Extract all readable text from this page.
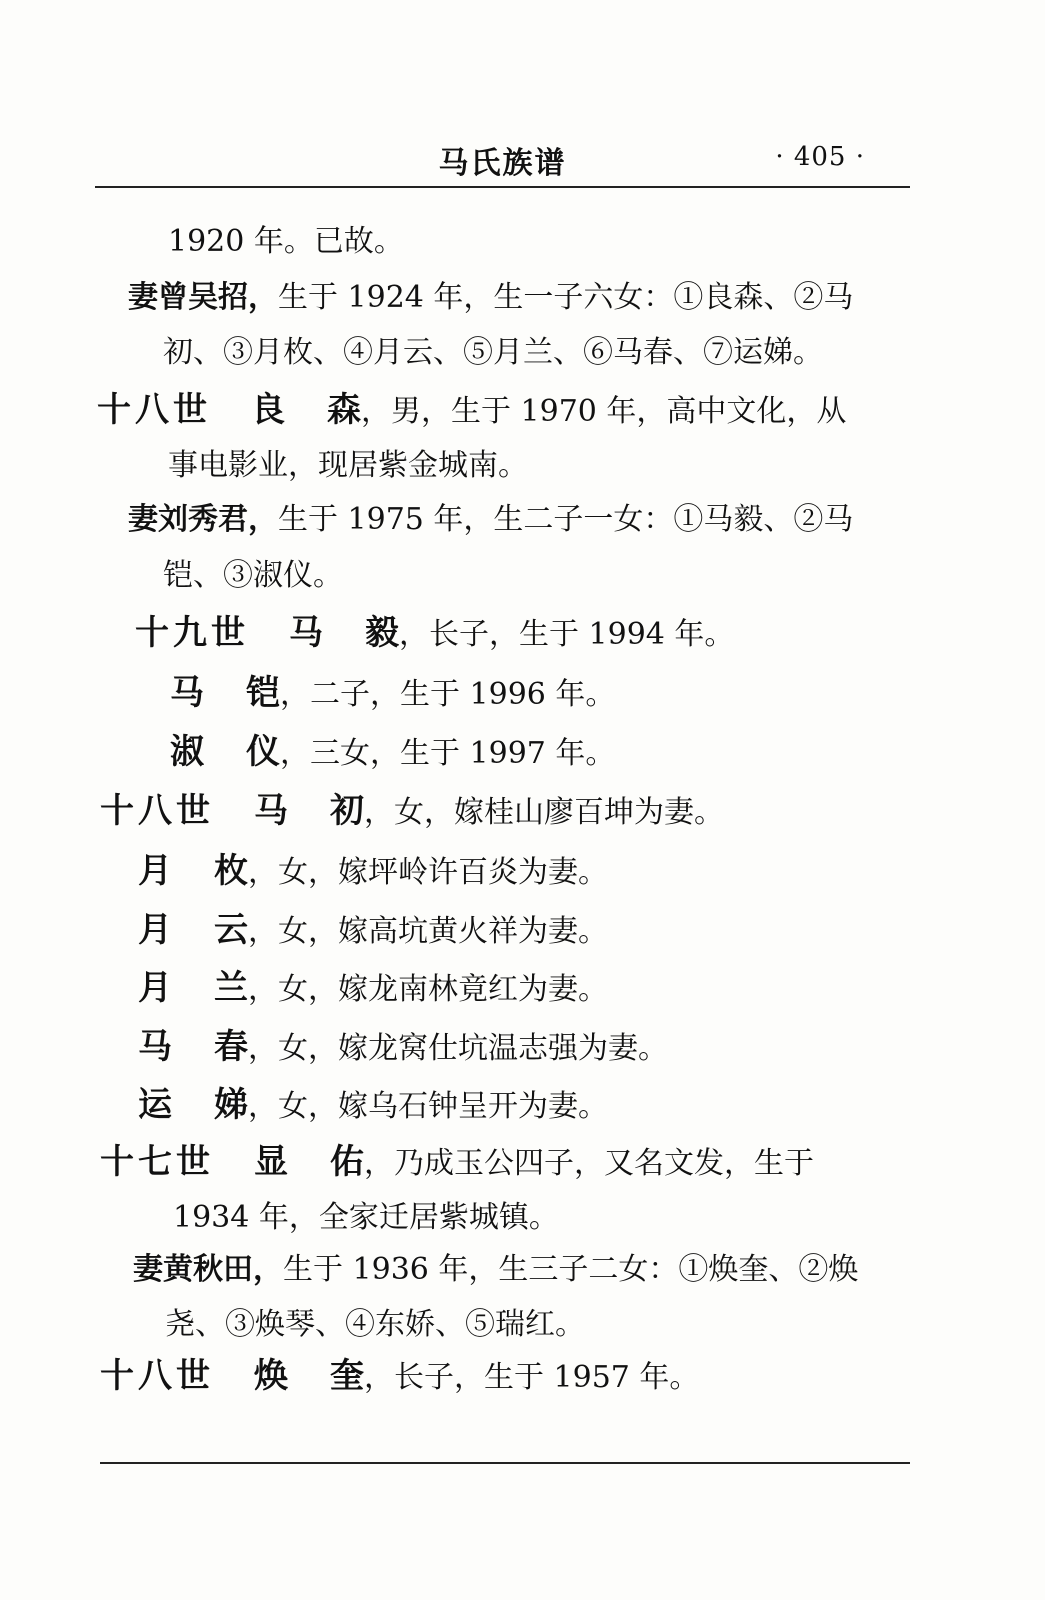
马氏族谱	· 405 ·
1920 年。已故。
妻曾吴招，生于 1924 年，生一子六女：①良森、②马
初、③月枚、④月云、⑤月兰、⑥马春、⑦运娣。
十八世 良 森，男，生于 1970 年，高中文化，从
事电影业，现居紫金城南。
妻刘秀君，生于 1975 年，生二子一女：①马毅、②马
铠、③淑仪。
十九世 马 毅，长子，生于 1994 年。
马 铠，二子，生于 1996 年。
淑 仪，三女，生于 1997 年。
十八世 马 初，女，嫁桂山廖百坤为妻。
月 枚，女，嫁坪岭许百炎为妻。
月 云，女，嫁高坑黄火祥为妻。
月 兰，女，嫁龙南林竟红为妻。
马 春，女，嫁龙窝仕坑温志强为妻。
运 娣，女，嫁乌石钟呈开为妻。
十七世 显 佑，乃成玉公四子，又名文发，生于
1934 年，全家迁居紫城镇。
妻黄秋田，生于 1936 年，生三子二女：①焕奎、②焕
尧、③焕琴、④东娇、⑤瑞红。
十八世 焕 奎，长子，生于 1957 年。
